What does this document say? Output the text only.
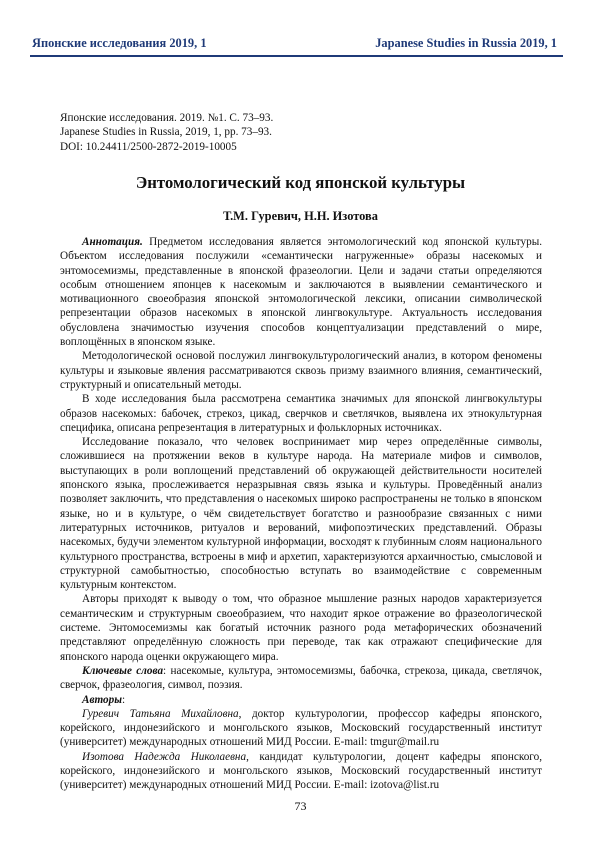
Японские исследования 2019, 1	Japanese Studies in Russia 2019, 1
Японские исследования. 2019. №1. С. 73–93.
Japanese Studies in Russia, 2019, 1, pp. 73–93.
DOI: 10.24411/2500-2872-2019-10005
Энтомологический код японской культуры
Т.М. Гуревич, Н.Н. Изотова

Аннотация. Предметом исследования является энтомологический код японской культуры. Объектом исследования послужили «семантически нагруженные» образы насекомых и энтомосемизмы, представленные в японской фразеологии. Цели и задачи статьи определяются особым отношением японцев к насекомым и заключаются в выявлении семантического и мотивационного своеобразия японской энтомологической лексики, описании символической репрезентации образов насекомых в японской лингвокультуре. Актуальность исследования обусловлена значимостью изучения способов концептуализации представлений о мире, воплощённых в японском языке.

Методологической основой послужил лингвокультурологический анализ, в котором феномены культуры и языковые явления рассматриваются сквозь призму взаимного влияния, семантический, структурный и описательный методы.

В ходе исследования была рассмотрена семантика значимых для японской лингвокультуры образов насекомых: бабочек, стрекоз, цикад, сверчков и светлячков, выявлена их этнокультурная специфика, описана репрезентация в литературных и фольклорных источниках.

Исследование показало, что человек воспринимает мир через определённые символы, сложившиеся на протяжении веков в культуре народа. На материале мифов и символов, выступающих в роли воплощений представлений об окружающей действительности носителей японского языка, прослеживается неразрывная связь языка и культуры. Проведённый анализ позволяет заключить, что представления о насекомых широко распространены не только в японском языке, но и в культуре, о чём свидетельствует богатство и разнообразие связанных с ними литературных источников, ритуалов и верований, мифопоэтических представлений. Образы насекомых, будучи элементом культурной информации, восходят к глубинным слоям национального культурного пространства, встроены в миф и архетип, характеризуются архаичностью, смысловой и структурной самобытностью, способностью вступать во взаимодействие с современным культурным контекстом.

Авторы приходят к выводу о том, что образное мышление разных народов характеризуется семантическим и структурным своеобразием, что находит яркое отражение во фразеологической системе. Энтомосемизмы как богатый источник разного рода метафорических обозначений представляют определённую сложность при переводе, так как отражают специфические для японского народа оценки окружающего мира.

Ключевые слова: насекомые, культура, энтомосемизмы, бабочка, стрекоза, цикада, светлячок, сверчок, фразеология, символ, поэзия.

Авторы:

Гуревич Татьяна Михайловна, доктор культурологии, профессор кафедры японского, корейского, индонезийского и монгольского языков, Московский государственный институт (университет) международных отношений МИД России. E-mail: tmgur@mail.ru

Изотова Надежда Николаевна, кандидат культурологии, доцент кафедры японского, корейского, индонезийского и монгольского языков, Московский государственный институт (университет) международных отношений МИД России. E-mail: izotova@list.ru

73
